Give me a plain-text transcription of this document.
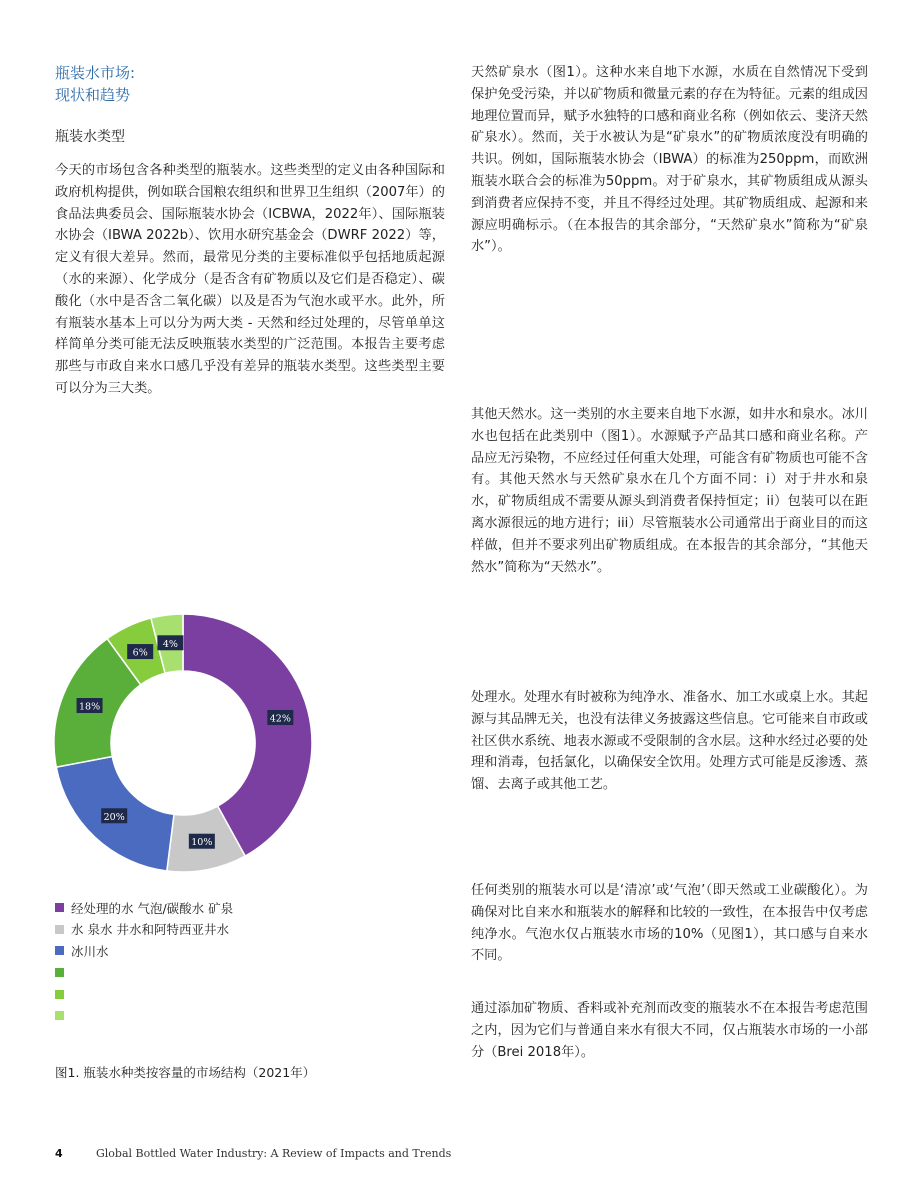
瓶装水市场:
现状和趋势
瓶装水类型

今天的市场包含各种类型的瓶装水。这些类型的定义由各种国际和政府机构提供，例如联合国粮农组织和世界卫生组织（2007年）的食品法典委员会、国际瓶装水协会（ICBWA，2022年）、国际瓶装水协会（IBWA 2022b）、饮用水研究基金会（DWRF 2022）等，定义有很大差异。然而，最常见分类的主要标准似乎包括地质起源（水的来源）、化学成分（是否含有矿物质以及它们是否稳定）、碳酸化（水中是否含二氧化碳）以及是否为气泡水或平水。此外，所有瓶装水基本上可以分为两大类 - 天然和经过处理的，尽管单单这样简单分类可能无法反映瓶装水类型的广泛范围。本报告主要考虑那些与市政自来水口感几乎没有差异的瓶装水类型。这些类型主要可以分为三大类。

天然矿泉水（图1）。这种水来自地下水源，水质在自然情况下受到保护免受污染，并以矿物质和微量元素的存在为特征。元素的组成因地理位置而异，赋予水独特的口感和商业名称（例如依云、斐济天然矿泉水）。然而，关于水被认为是“矿泉水”的矿物质浓度没有明确的共识。例如，国际瓶装水协会（IBWA）的标准为250ppm，而欧洲瓶装水联合会的标准为50ppm。对于矿泉水，其矿物质组成从源头到消费者应保持不变，并且不得经过处理。其矿物质组成、起源和来源应明确标示。（在本报告的其余部分，“天然矿泉水”简称为“矿泉水”）。

其他天然水。这一类别的水主要来自地下水源，如井水和泉水。冰川水也包括在此类别中（图1）。水源赋予产品其口感和商业名称。产品应无污染物，不应经过任何重大处理，可能含有矿物质也可能不含有。其他天然水与天然矿泉水在几个方面不同：i）对于井水和泉水，矿物质组成不需要从源头到消费者保持恒定；ii）包装可以在距离水源很远的地方进行；iii）尽管瓶装水公司通常出于商业目的而这样做，但并不要求列出矿物质组成。在本报告的其余部分，“其他天然水”简称为“天然水”。

处理水。处理水有时被称为纯净水、准备水、加工水或桌上水。其起源与其品牌无关，也没有法律义务披露这些信息。它可能来自市政或社区供水系统、地表水源或不受限制的含水层。这种水经过必要的处理和消毒，包括氯化，以确保安全饮用。处理方式可能是反渗透、蒸馏、去离子或其他工艺。

任何类别的瓶装水可以是‘清凉’或‘气泡’（即天然或工业碳酸化）。为确保对比自来水和瓶装水的解释和比较的一致性，在本报告中仅考虑纯净水。气泡水仅占瓶装水市场的10%（见图1），其口感与自来水不同。

通过添加矿物质、香料或补充剂而改变的瓶装水不在本报告考虑范围之内，因为它们与普通自来水有很大不同，仅占瓶装水市场的一小部分（Brei 2018年）。

42%
10%
20%
18%
6%
4%
经处理的水 气泡/碳酸水 矿泉
水 泉水 井水和阿特西亚井水
冰川水
图1. 瓶装水种类按容量的市场结构（2021年）
4	Global Bottled Water Industry: A Review of Impacts and Trends
